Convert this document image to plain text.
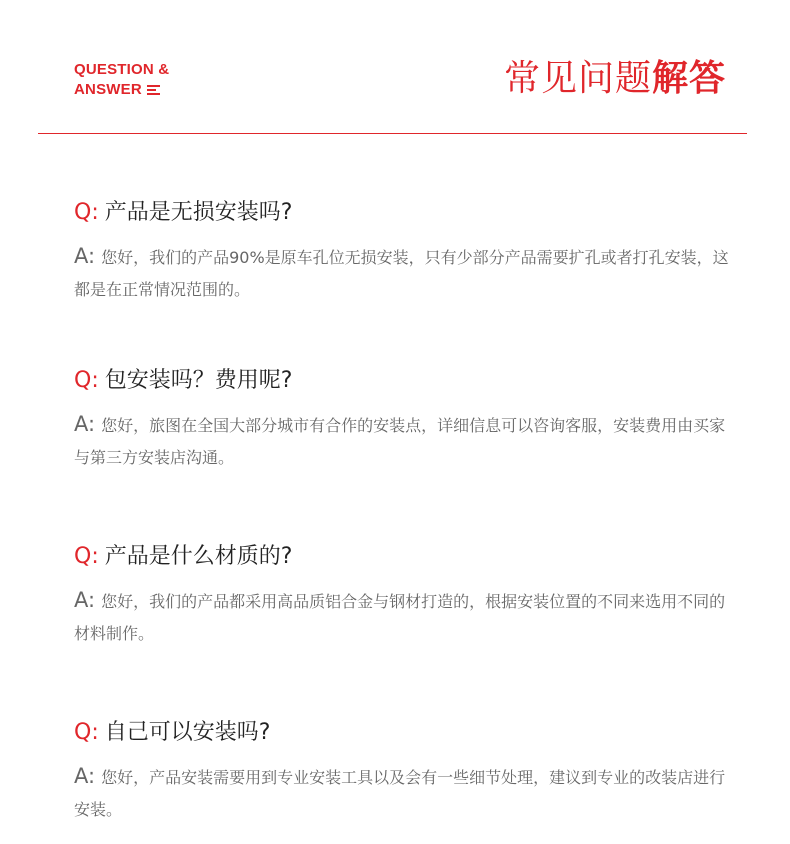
QUESTION &
ANSWER	常见问题解答
Q: 产品是无损安装吗?
A: 您好，我们的产品90%是原车孔位无损安装，只有少部分产品需要扩孔或者打孔安装，这都是在正常情况范围的。
Q: 包安装吗？费用呢?
A: 您好，旅图在全国大部分城市有合作的安装点，详细信息可以咨询客服，安装费用由买家与第三方安装店沟通。
Q: 产品是什么材质的?
A: 您好，我们的产品都采用高品质铝合金与钢材打造的，根据安装位置的不同来选用不同的材料制作。
Q: 自己可以安装吗?
A: 您好，产品安装需要用到专业安装工具以及会有一些细节处理，建议到专业的改装店进行安装。
